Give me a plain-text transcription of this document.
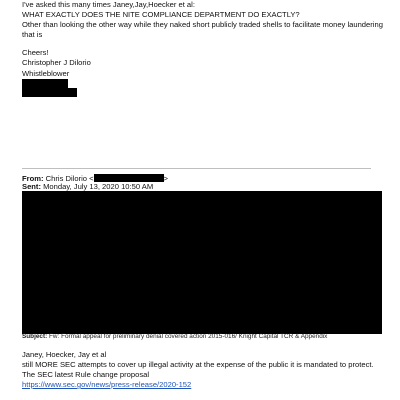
I've asked this many times Janey,Jay,Hoecker et al:
WHAT EXACTLY DOES THE NITE COMPLIANCE DEPARTMENT DO EXACTLY?
Other than looking the other way while they naked short publicly traded shells to facilitate money laundering
that is
Cheers!
Christopher J Dilorio
Whistleblower
From: Chris Dilorio <	>
Sent: Monday, July 13, 2020 10:50 AM
Subject: Fw: Formal appeal for preliminary denial covered action 2015-016/ Knight Capital TCR & Appendix
Janey, Hoecker, Jay et al
still MORE SEC attempts to cover up illegal activity at the expense of the public it is mandated to protect.
The SEC latest Rule change proposal
https://www.sec.gov/news/press-release/2020-152
